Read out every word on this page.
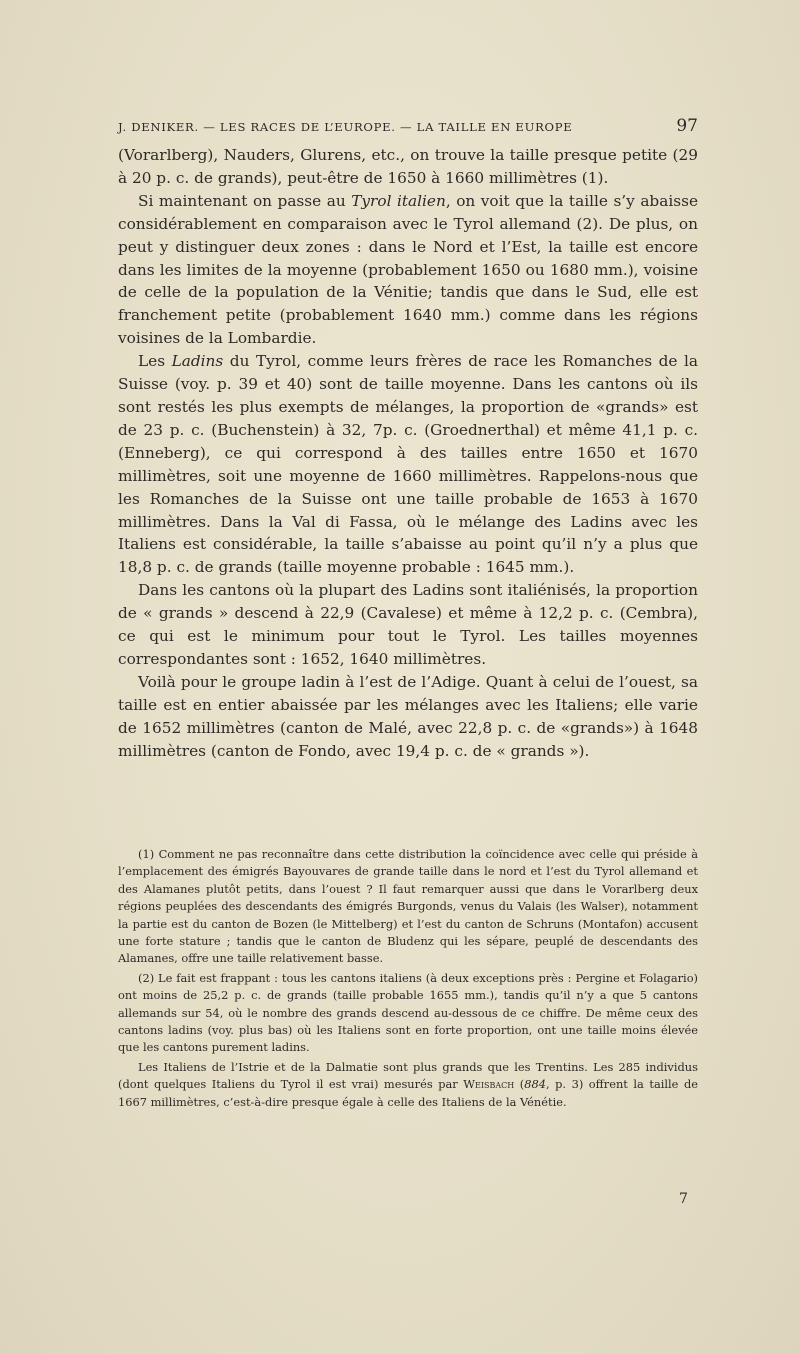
J. DENIKER. — LES RACES DE L’EUROPE. — LA TAILLE EN EUROPE	97

(Vorarlberg), Nauders, Glurens, etc., on trouve la taille presque petite (29 à 20 p. c. de grands), peut-être de 1650 à 1660 millimètres (1).

Si maintenant on passe au Tyrol italien, on voit que la taille s’y abaisse considérablement en comparaison avec le Tyrol allemand (2). De plus, on peut y distinguer deux zones : dans le Nord et l’Est, la taille est encore dans les limites de la moyenne (probablement 1650 ou 1680 mm.), voisine de celle de la population de la Vénitie; tandis que dans le Sud, elle est franchement petite (probablement 1640 mm.) comme dans les régions voisines de la Lombardie.

Les Ladins du Tyrol, comme leurs frères de race les Romanches de la Suisse (voy. p. 39 et 40) sont de taille moyenne. Dans les cantons où ils sont restés les plus exempts de mélanges, la proportion de «grands» est de 23 p. c. (Buchenstein) à 32, 7p. c. (Groednerthal) et même 41,1 p. c. (Enneberg), ce qui correspond à des tailles entre 1650 et 1670 millimètres, soit une moyenne de 1660 millimètres. Rappelons-nous que les Romanches de la Suisse ont une taille probable de 1653 à 1670 millimètres. Dans la Val di Fassa, où le mélange des Ladins avec les Italiens est considérable, la taille s’abaisse au point qu’il n’y a plus que 18,8 p. c. de grands (taille moyenne probable : 1645 mm.).

Dans les cantons où la plupart des Ladins sont italiénisés, la proportion de « grands » descend à 22,9 (Cavalese) et même à 12,2 p. c. (Cembra), ce qui est le minimum pour tout le Tyrol. Les tailles moyennes correspondantes sont : 1652, 1640 millimètres.

Voilà pour le groupe ladin à l’est de l’Adige. Quant à celui de l’ouest, sa taille est en entier abaissée par les mélanges avec les Italiens; elle varie de 1652 millimètres (canton de Malé, avec 22,8 p. c. de «grands») à 1648 millimètres (canton de Fondo, avec 19,4 p. c. de « grands »).

(1) Comment ne pas reconnaître dans cette distribution la coïncidence avec celle qui préside à l’emplacement des émigrés Bayouvares de grande taille dans le nord et l’est du Tyrol allemand et des Alamanes plutôt petits, dans l’ouest ? Il faut remarquer aussi que dans le Vorarlberg deux régions peuplées des descendants des émigrés Burgonds, venus du Valais (les Walser), notamment la partie est du canton de Bozen (le Mittelberg) et l’est du canton de Schruns (Montafon) accusent une forte stature ; tandis que le canton de Bludenz qui les sépare, peuplé de descendants des Alamanes, offre une taille relativement basse.

(2) Le fait est frappant : tous les cantons italiens (à deux exceptions près : Pergine et Folagario) ont moins de 25,2 p. c. de grands (taille probable 1655 mm.), tandis qu’il n’y a que 5 cantons allemands sur 54, où le nombre des grands descend au-dessous de ce chiffre. De même ceux des cantons ladins (voy. plus bas) où les Italiens sont en forte proportion, ont une taille moins élevée que les cantons purement ladins.

Les Italiens de l’Istrie et de la Dalmatie sont plus grands que les Trentins. Les 285 individus (dont quelques Italiens du Tyrol il est vrai) mesurés par Weisbach (884, p. 3) offrent la taille de 1667 millimètres, c’est-à-dire presque égale à celle des Italiens de la Vénétie.

7
